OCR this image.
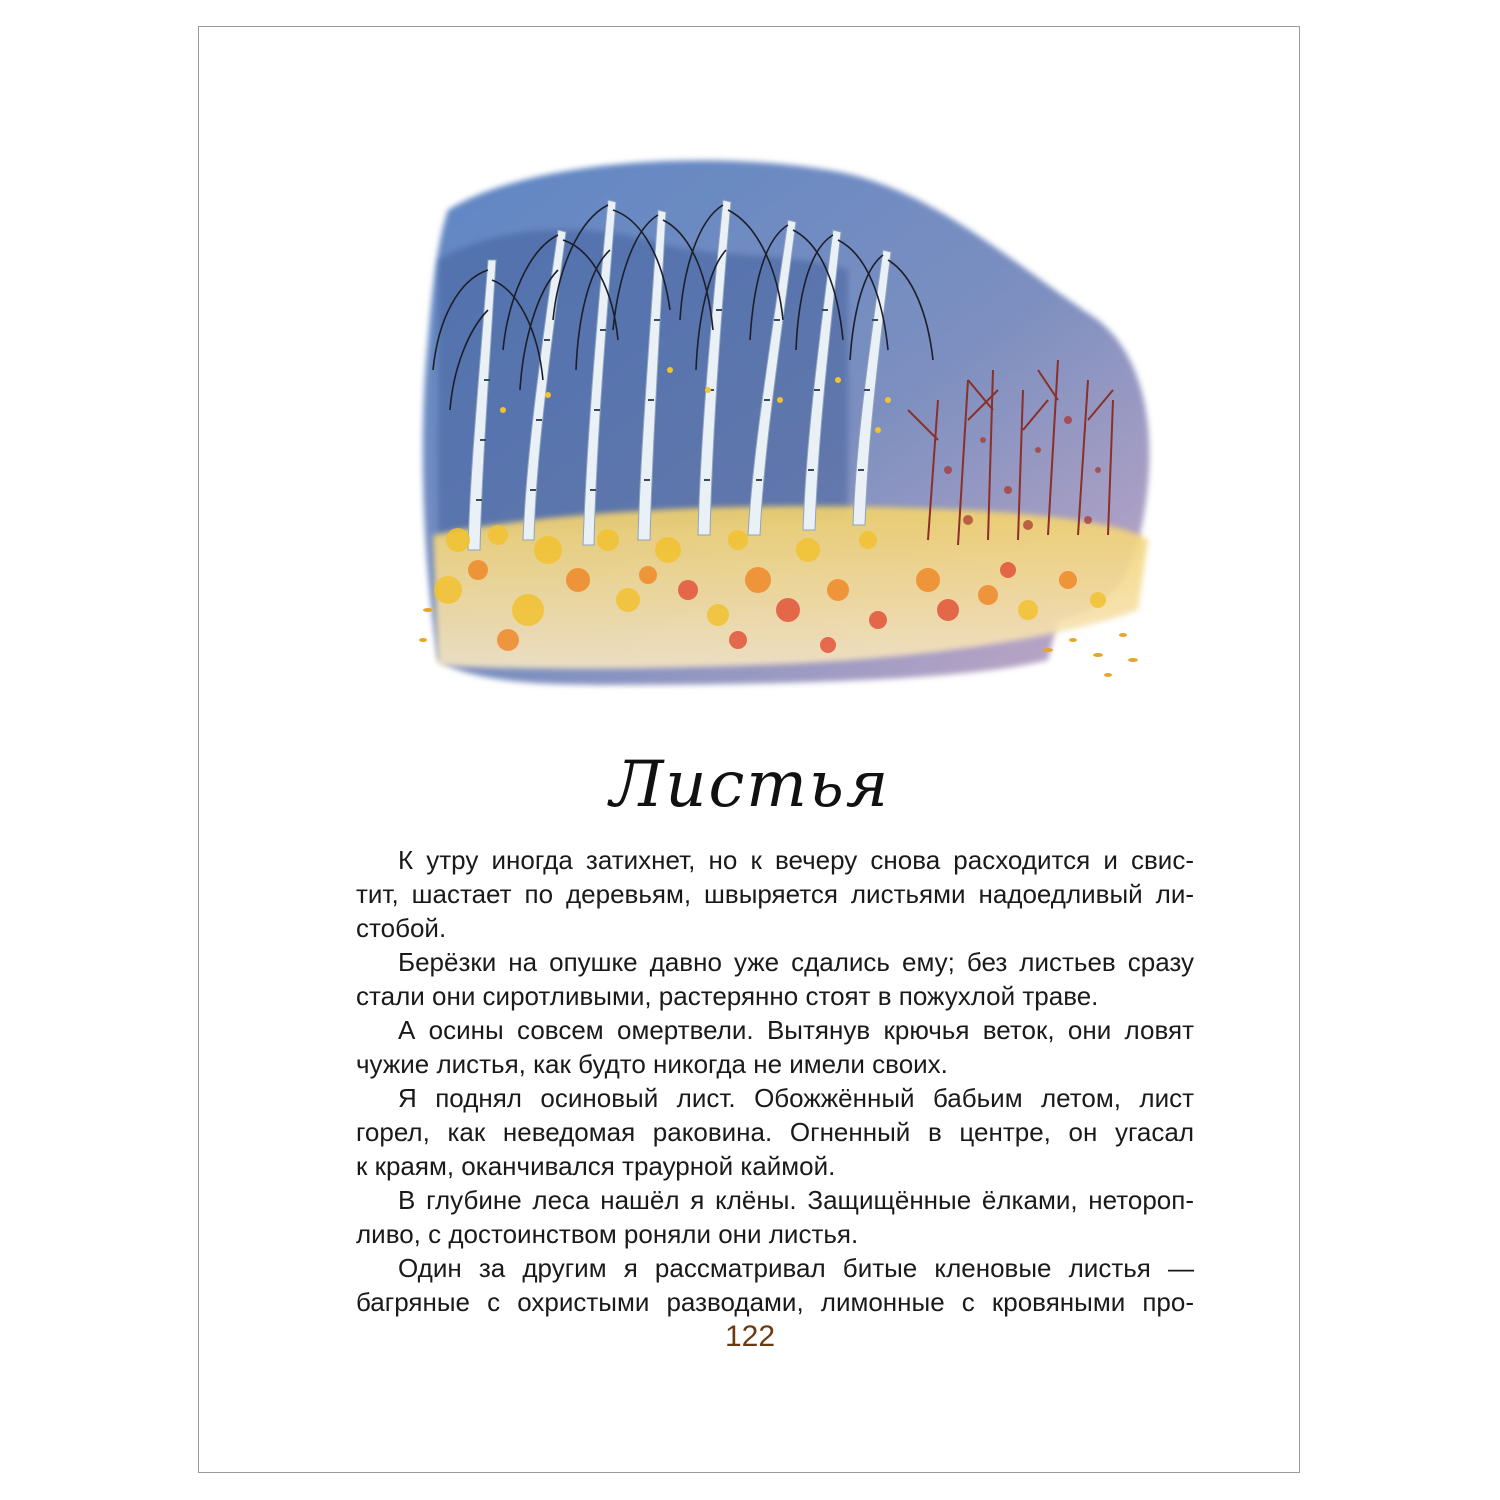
Листья
К утру иногда затихнет, но к вечеру снова расходится и свис-
тит, шастает по деревьям, швыряется листьями надоедливый ли-
стобой.
Берёзки на опушке давно уже сдались ему; без листьев сразу
стали они сиротливыми, растерянно стоят в пожухлой траве.
А осины совсем омертвели. Вытянув крючья веток, они ловят
чужие листья, как будто никогда не имели своих.
Я поднял осиновый лист. Обожжённый бабьим летом, лист
горел, как неведомая раковина. Огненный в центре, он угасал
к краям, оканчивался траурной каймой.
В глубине леса нашёл я клёны. Защищённые ёлками, нетороп-
ливо, с достоинством роняли они листья.
Один за другим я рассматривал битые кленовые листья —
багряные с охристыми разводами, лимонные с кровяными про-
122
